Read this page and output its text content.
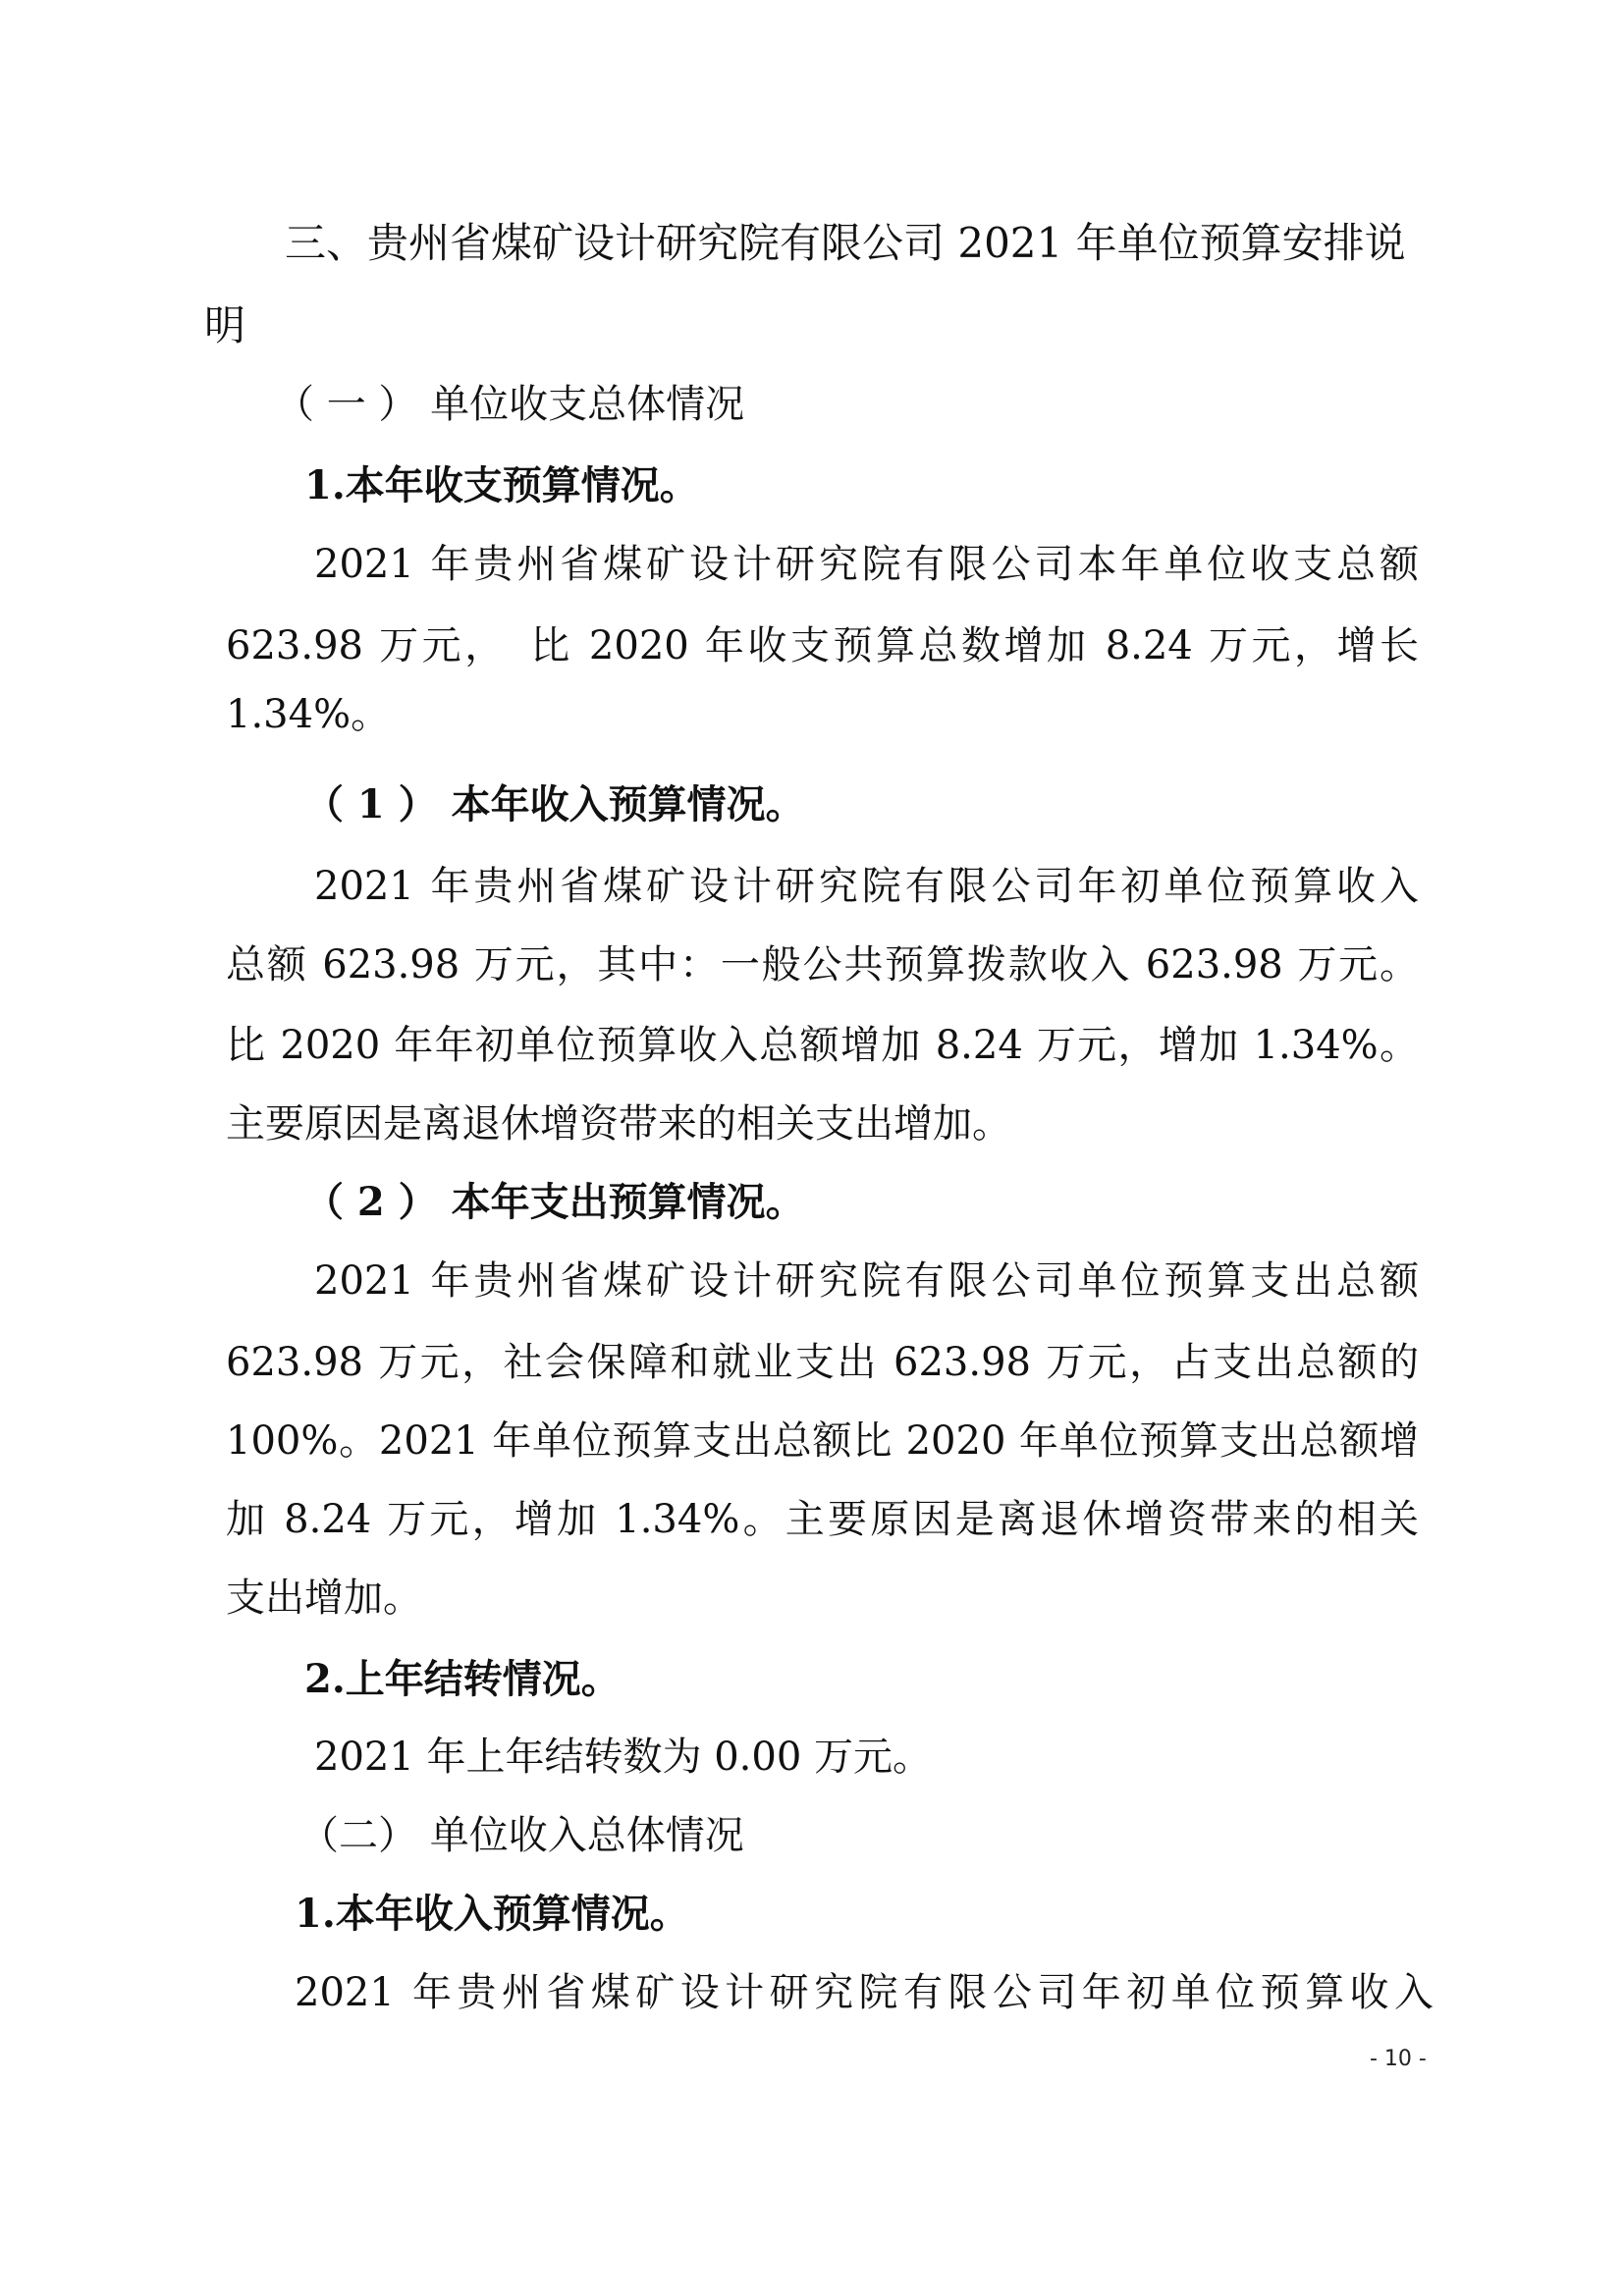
三、贵州省煤矿设计研究院有限公司 2021 年单位预算安排说
明
（ 一 ） 单位收支总体情况
1.本年收支预算情况。
2021 年贵州省煤矿设计研究院有限公司本年单位收支总额
623.98 万元，　比 2020 年收支预算总数增加 8.24 万元，增长
1.34%。
（ 1 ） 本年收入预算情况。
2021 年贵州省煤矿设计研究院有限公司年初单位预算收入
总额 623.98 万元，其中：一般公共预算拨款收入 623.98 万元。
比 2020 年年初单位预算收入总额增加 8.24 万元，增加 1.34%。
主要原因是离退休增资带来的相关支出增加。
（ 2 ） 本年支出预算情况。
2021 年贵州省煤矿设计研究院有限公司单位预算支出总额
623.98 万元，社会保障和就业支出 623.98 万元，占支出总额的
100%。2021 年单位预算支出总额比 2020 年单位预算支出总额增
加 8.24 万元，增加 1.34%。主要原因是离退休增资带来的相关
支出增加。
2.上年结转情况。
2021 年上年结转数为 0.00 万元。
（二） 单位收入总体情况
1.本年收入预算情况。
2021 年贵州省煤矿设计研究院有限公司年初单位预算收入
- 10 -
